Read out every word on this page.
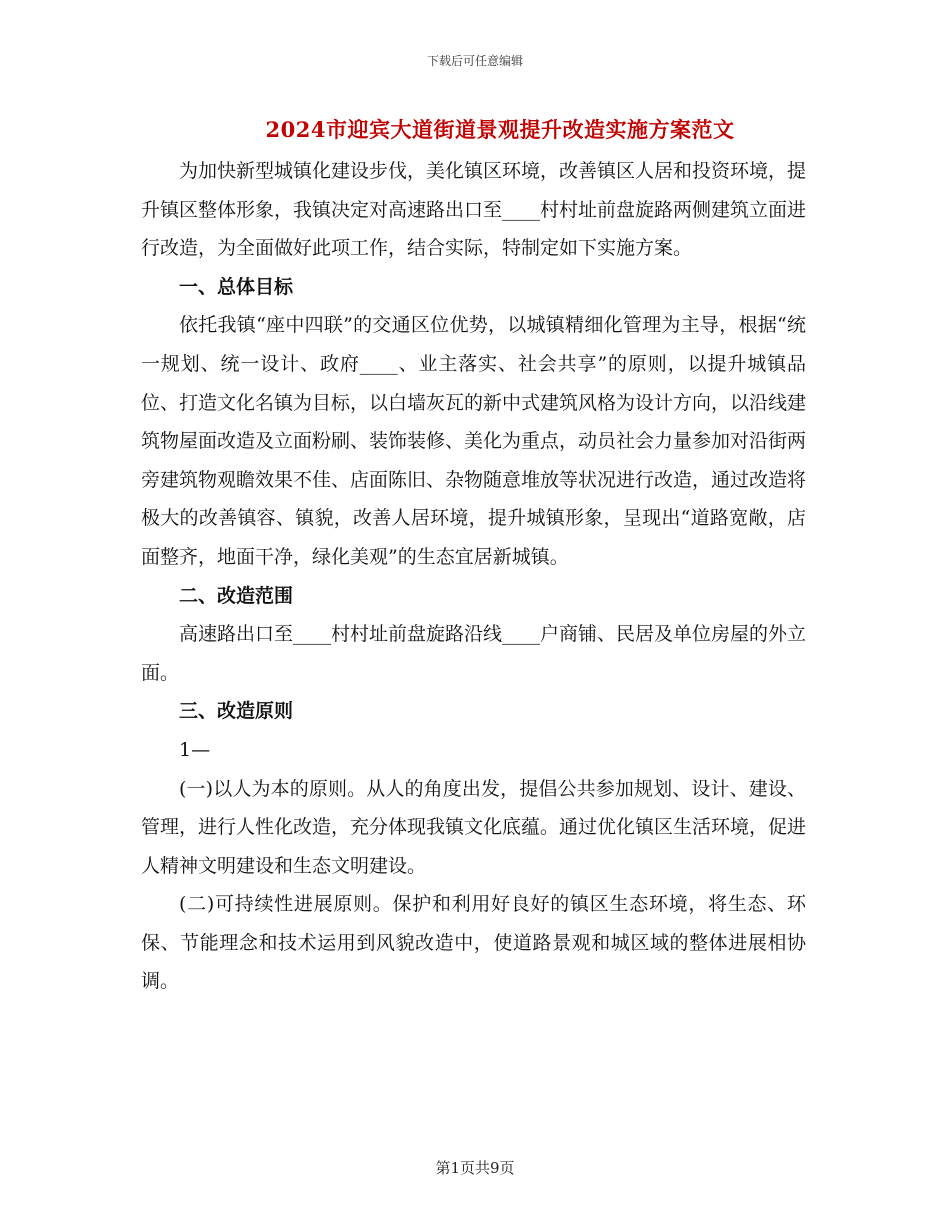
下载后可任意编辑
2024市迎宾大道街道景观提升改造实施方案范文

为加快新型城镇化建设步伐，美化镇区环境，改善镇区人居和投资环境，提升镇区整体形象，我镇决定对高速路出口至____村村址前盘旋路两侧建筑立面进行改造，为全面做好此项工作，结合实际，特制定如下实施方案。

一、总体目标

依托我镇“座中四联”的交通区位优势，以城镇精细化管理为主导，根据“统一规划、统一设计、政府____、业主落实、社会共享”的原则，以提升城镇品位、打造文化名镇为目标，以白墙灰瓦的新中式建筑风格为设计方向，以沿线建筑物屋面改造及立面粉刷、装饰装修、美化为重点，动员社会力量参加对沿街两旁建筑物观瞻效果不佳、店面陈旧、杂物随意堆放等状况进行改造，通过改造将极大的改善镇容、镇貌，改善人居环境，提升城镇形象，呈现出“道路宽敞，店面整齐，地面干净，绿化美观”的生态宜居新城镇。

二、改造范围

高速路出口至____村村址前盘旋路沿线____户商铺、民居及单位房屋的外立面。

三、改造原则

1—

(一)以人为本的原则。从人的角度出发，提倡公共参加规划、设计、建设、管理，进行人性化改造，充分体现我镇文化底蕴。通过优化镇区生活环境，促进人精神文明建设和生态文明建设。

(二)可持续性进展原则。保护和利用好良好的镇区生态环境，将生态、环保、节能理念和技术运用到风貌改造中，使道路景观和城区域的整体进展相协调。

第1页共9页
